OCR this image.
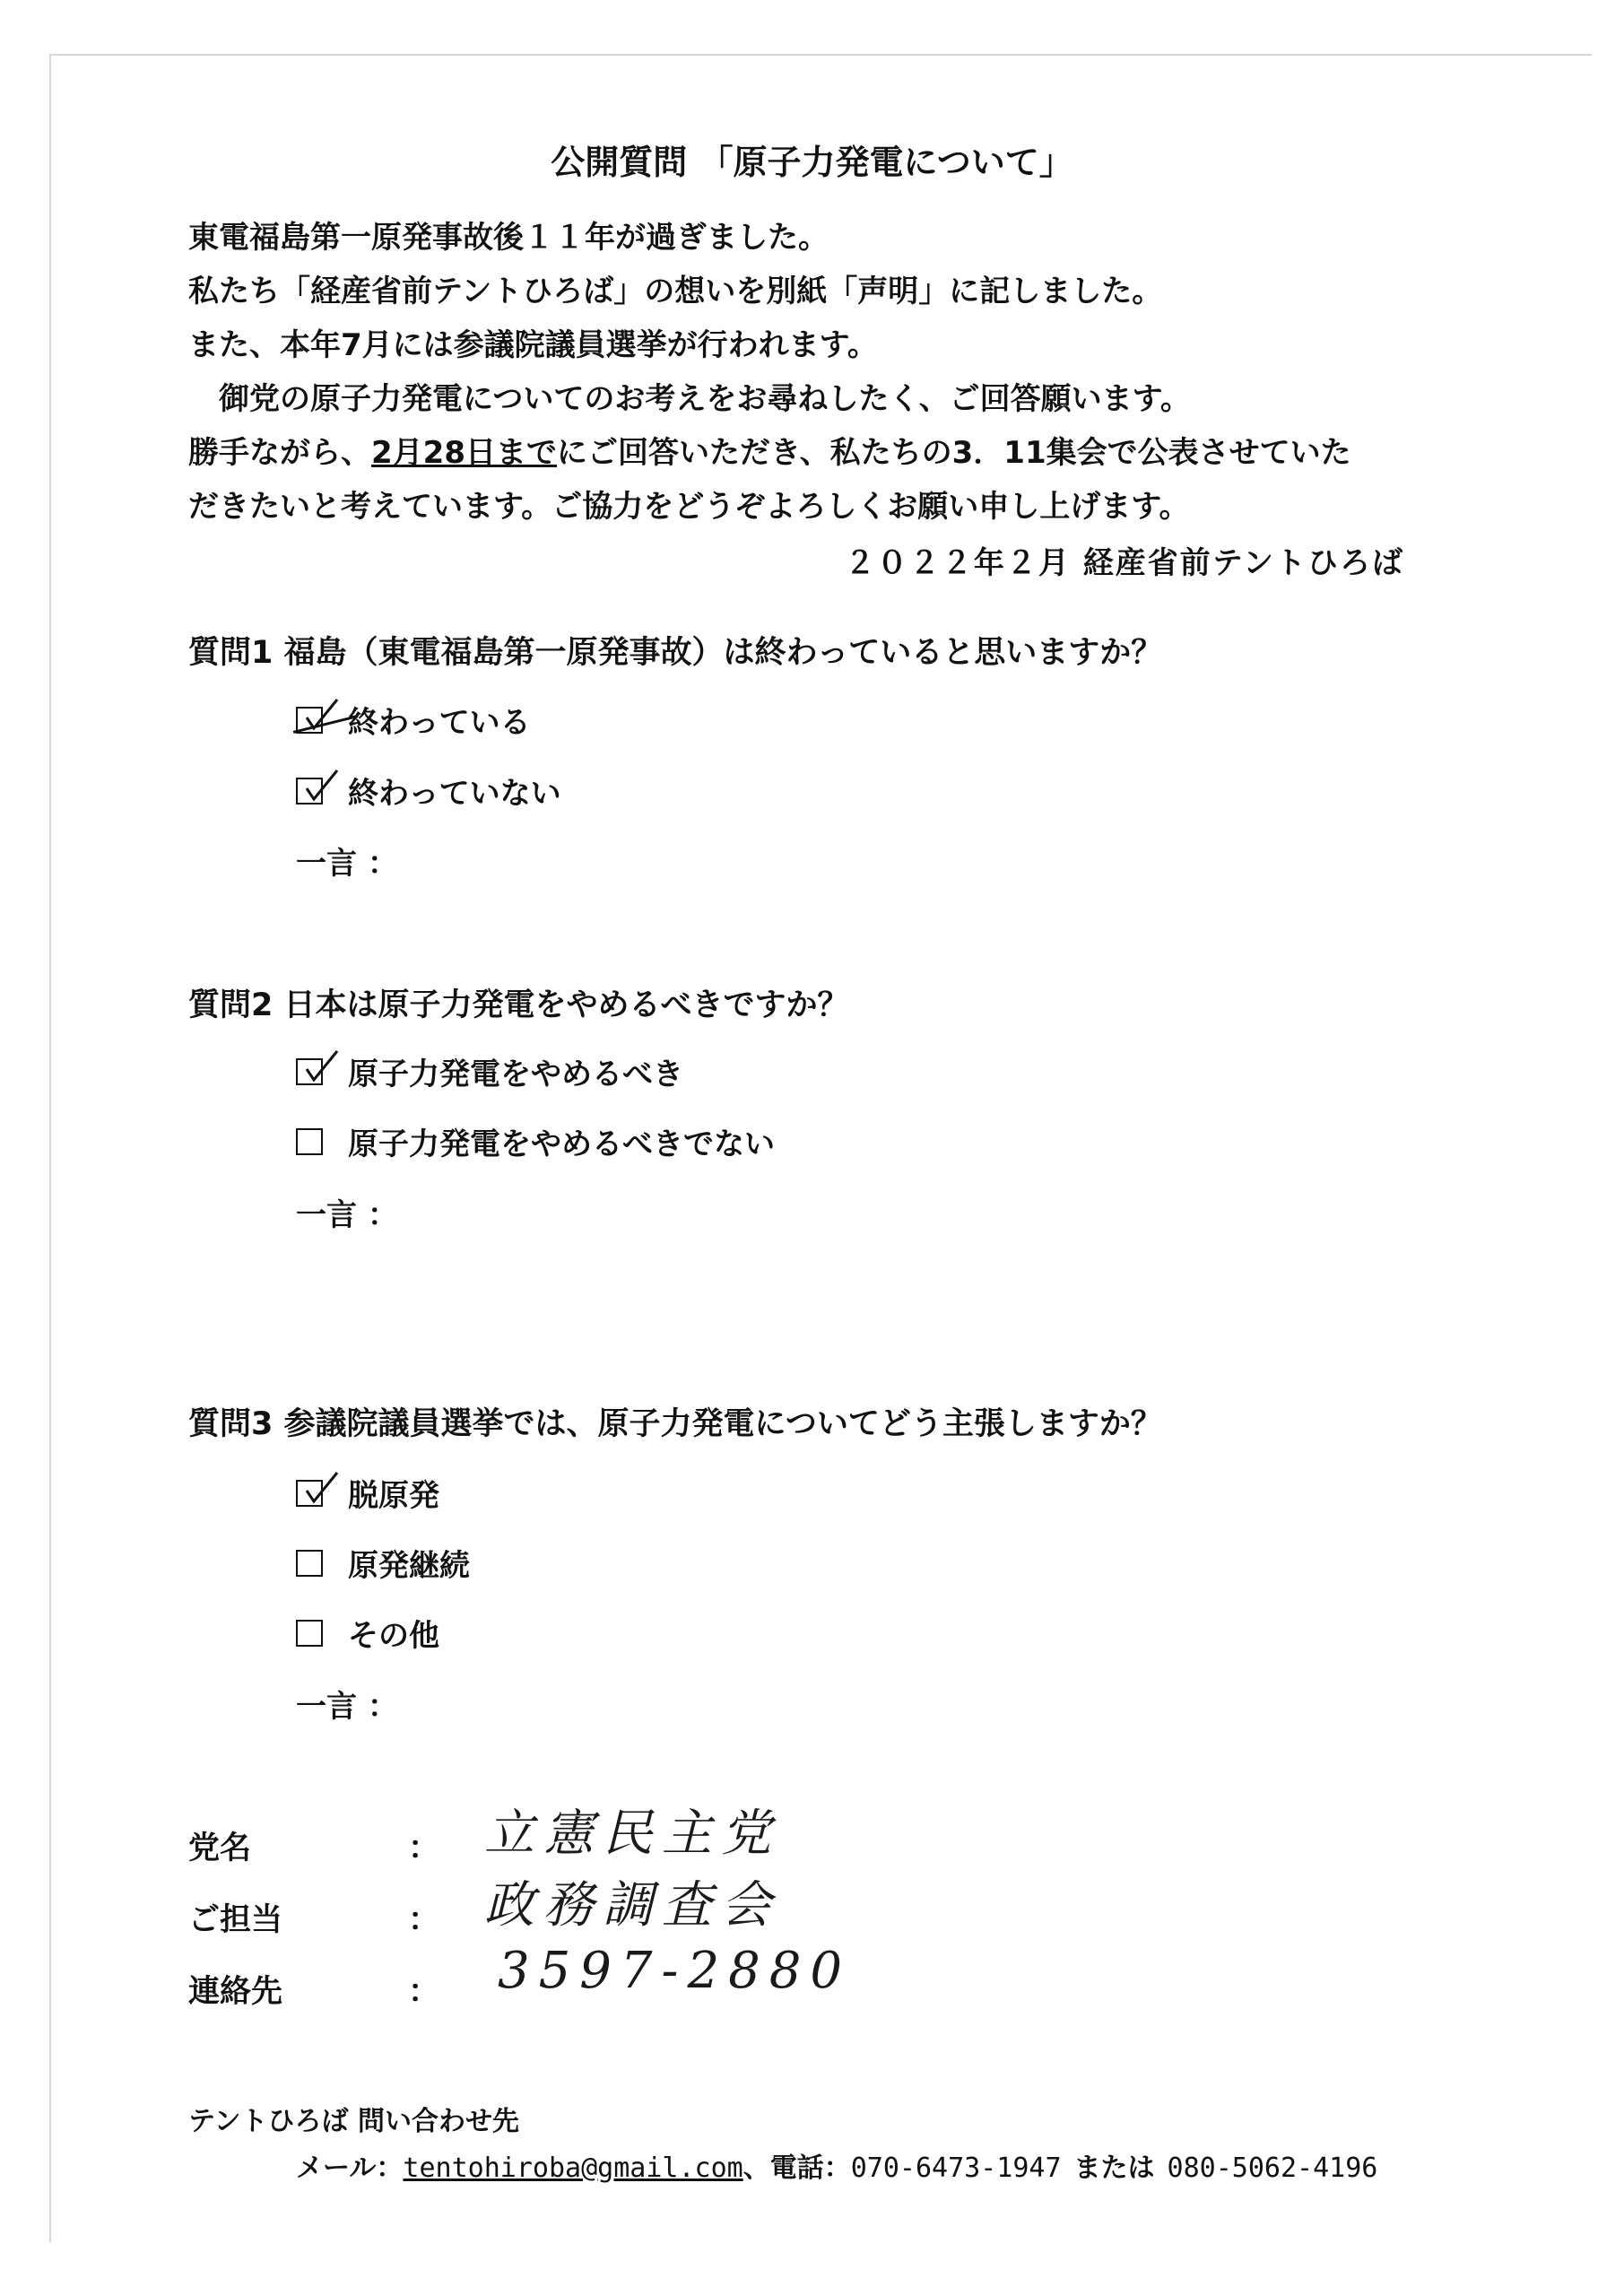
公開質問 「原子力発電について」
東電福島第一原発事故後１１年が過ぎました。
私たち「経産省前テントひろば」の想いを別紙「声明」に記しました。
また、本年7月には参議院議員選挙が行われます。
御党の原子力発電についてのお考えをお尋ねしたく、ご回答願います。
勝手ながら、2月28日までにご回答いただき、私たちの3．11集会で公表させていた
だきたいと考えています。ご協力をどうぞよろしくお願い申し上げます。
２０２２年２月 経産省前テントひろば
質問1 福島（東電福島第一原発事故）は終わっていると思いますか？
終わっている
終わっていない
一言 ：
質問2 日本は原子力発電をやめるべきですか？
原子力発電をやめるべき
原子力発電をやめるべきでない
一言 ：
質問3 参議院議員選挙では、原子力発電についてどう主張しますか？
脱原発
原発継続
その他
一言 ：
党名	： 立憲民主党
ご担当	： 政務調査会
連絡先	： 3597-2880
テントひろば 問い合わせ先
メール：tentohiroba@gmail.com、電話：070-6473-1947 または 080-5062-4196
